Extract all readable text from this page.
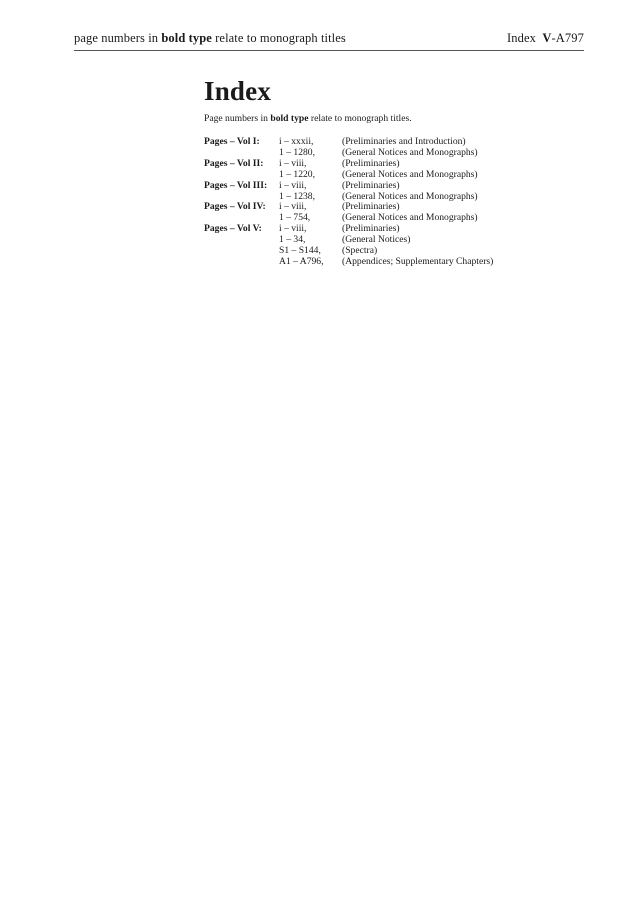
page numbers in bold type relate to monograph titles	Index V-A797
Index
Page numbers in bold type relate to monograph titles.
Pages – Vol I:	i – xxxii,	(Preliminaries and Introduction)
	1 – 1280,	(General Notices and Monographs)
Pages – Vol II:	i – viii,	(Preliminaries)
	1 – 1220,	(General Notices and Monographs)
Pages – Vol III:	i – viii,	(Preliminaries)
	1 – 1238,	(General Notices and Monographs)
Pages – Vol IV:	i – viii,	(Preliminaries)
	1 – 754,	(General Notices and Monographs)
Pages – Vol V:	i – viii,	(Preliminaries)
	1 – 34,	(General Notices)
	S1 – S144,	(Spectra)
	A1 – A796,	(Appendices; Supplementary Chapters)
